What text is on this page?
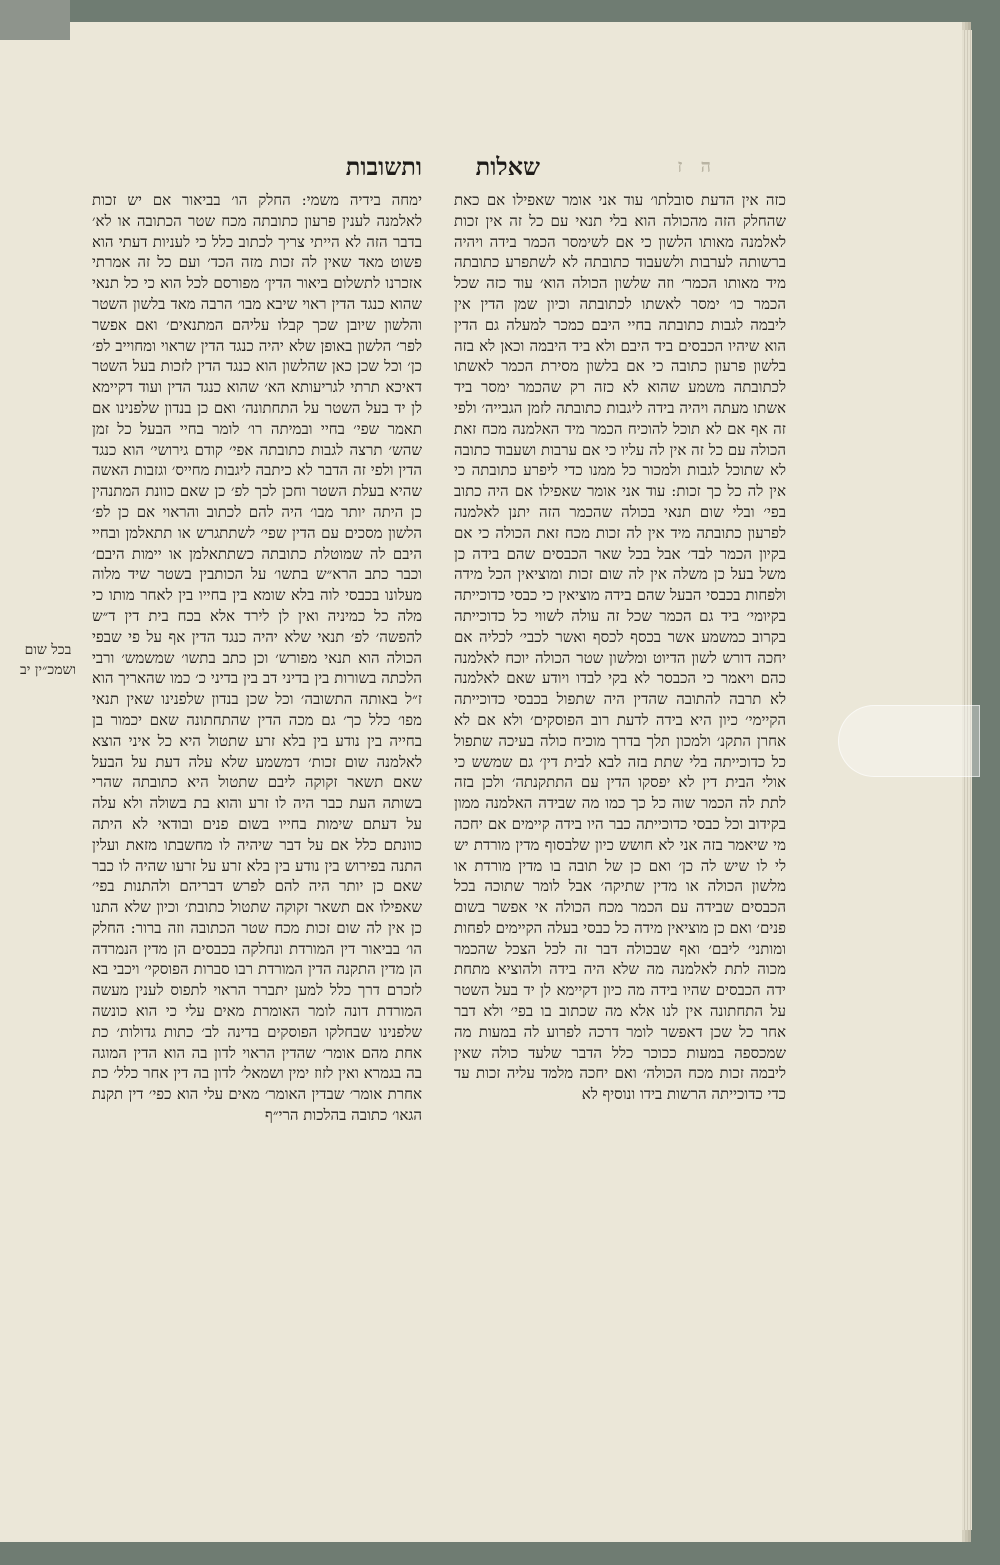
ה ז
שאלות
ותשובות

כזה אין הדעת סובלתו׳ עוד אני אומר שאפילו אם כאת שהחלק הזה מהכולה הוא בלי תנאי עם כל זה אין זכות לאלמנה מאותו הלשון כי אם לשימסר הכמר בידה ויהיה ברשותה לערבות ולשעבוד כתובתה לא לשתפרע כתובתה מיד מאותו הכמר׳ וזה שלשון הכולה הוא׳ עוד כזה שכל הכמר כו׳ ימסר לאשתו לכתובתה וכיון שמן הדין אין ליבמה לגבות כתובתה בחיי היבם כמכר למעלה גם הדין הוא שיהיו הכבסים ביד היבם ולא ביד היבמה וכאן לא בזה בלשון פרעון כתובה כי אם בלשון מסירת הכמר לאשתו לכתובתה משמע שהוא לא כזה רק שהכמר ימסר ביד אשתו מעתה ויהיה בידה ליגבות כתובתה לזמן הגבייה׳ ולפי זה אף אם לא תוכל להוכיח הכמר מיד האלמנה מכח זאת הכולה עם כל זה אין לה עליו כי אם ערבות ושעבוד כתובה לא שתוכל לגבות ולמכור כל ממנו כדי ליפרע כתובתה כי אין לה כל כך זכות: עוד אני אומר שאפילו אם היה כתוב בפי׳ ובלי שום תנאי בכולה שהכמר הזה יתנן לאלמנה לפרעון כתובתה מיד אין לה זכות מכח זאת הכולה כי אם בקיון הכמר לבד׳ אבל בכל שאר הכבסים שהם בידה כן משל בעל כן משלה אין לה שום זכות ומוציאין הכל מידה ולפחות בכבסי הבעל שהם בידה מוציאין כי כבסי כדוכייתה בקיומי׳ ביד גם הכמר שכל זה עולה לשווי כל כדוכייתה בקרוב כמשמע אשר בכסף לכסף ואשר לכבי׳ לכליה אם יחכה דורש לשון הדיוט ומלשון שטר הכולה יוכח לאלמנה כהם ויאמר כי הכבסר לא בקי לבדו ויודע שאם לאלמנה לא תרבה להתובה שהדין היה שתפול בכבסי כדוכייתה הקיימי׳ כיון היא בידה לדעת רוב הפוסקים׳ ולא אם לא אחרן התקנ׳ ולמכון תלך בדרך מוכיח כולה בעיכה שתפול כל כדוכייתה בלי שתת בזה לבא לבית דין׳ גם שמשש כי אולי הבית דין לא יפסקו הדין עם התתקנתה׳ ולכן בזה לתת לה הכמר שוה כל כך כמו מה שבידה האלמנה ממון בקידוב וכל כבסי כדוכייתה כבר היו בידה קיימים אם יחכה מי שיאמר בזה אני לא חושש כיון שלבסוף מדין מורדת יש לי לו שיש לה כן׳ ואם כן של תובה בו מדין מורדת או מלשון הכולה או מדין שתיקה׳ אבל לומר שתוכה בכל הכבסים שבידה עם הכמר מכח הכולה אי אפשר בשום פנים׳ ואם כן מוציאין מידה כל כבסי בעלה הקיימים לפחות ומותני׳ ליבם׳ ואף שבכולה דבר זה לכל הצכל שהכמר מכוה לתת לאלמנה מה שלא היה בידה ולהוציא מתחת ידה הכבסים שהיו בידה מה כיון דקיימא לן יד בעל השטר על התחתונה אין לנו אלא מה שכתוב בו בפי׳ ולא דבר אחר כל שכן דאפשר לומר דרכה לפרוע לה במעות מה שמכספה במעות ככוכר כלל הדבר שלעד כולה שאין ליבמה זכות מכח הכולה׳ ואם יחכה מלמד עליה זכות עד כדי כדוכייתה הרשות בידו ונוסיף לא

ימחה בידיה משמי: החלק הו׳ בביאור אם יש זכות לאלמנה לענין פרעון כתובתה מכח שטר הכתובה או לא׳ בדבר הזה לא הייתי צריך לכתוב כלל כי לעניות דעתי הוא פשוט מאד שאין לה זכות מזה הכד׳ ועם כל זה אמרתי אזכרנו לתשלום ביאור הדין׳ מפורסם לכל הוא כי כל תנאי שהוא כנגד הדין ראוי שיבא מבו׳ הרבה מאד בלשון השטר והלשון שיובן שכך קבלו עליהם המתנאים׳ ואם אפשר לפר׳ הלשון באופן שלא יהיה כנגד הדין שראוי ומחוייב לפ׳ כן׳ וכל שכן כאן שהלשון הוא כנגד הדין לזכות בעל השטר דאיכא תרתי לגריעותא הא׳ שהוא כנגד הדין ועוד דקיימא לן יד בעל השטר על התחתונה׳ ואם כן בנדון שלפנינו אם תאמר שפי׳ בחיי ובמיתה רו׳ לומר בחיי הבעל כל זמן שהש׳ תרצה לגבות כתובתה אפי׳ קודם גירושי׳ הוא כנגד הדין ולפי זה הדבר לא כיתבה ליגבות מחייס׳ וגזבות האשה שהיא בעלת השטר וחכן לכך לפ׳ כן שאם כוונת המתנהין כן היתה יותר מבו׳ היה להם לכתוב והראוי אם כן לפ׳ הלשון מסכים עם הדין שפי׳ לשתתגרש או תתאלמן ובחיי היבם לה שמוטלת כתובתה כשתתאלמן או יימות היבם׳ וכבר כתב הרא״ש בתשו׳ על הכותבין בשטר שיד מלוה מעלונו בכבסי לוה בלא שומא בין בחייו בין לאחר מותו כי מלה כל כמיניה ואין לן לירד אלא בכח בית דין ד״ש להפשה׳ לפ׳ תנאי שלא יהיה כנגד הדין אף על פי שבפי הכולה הוא תנאי מפורש׳ וכן כתב בתשו׳ שמשמש׳ ורבי הלכתה בשורות בין בדיני דב בין בדיני כ׳ כמו שהאריך הוא ז״ל באותה התשובה׳ וכל שכן בנדון שלפנינו שאין תנאי מפו׳ כלל כך׳ גם מכה הדין שהתחתונה שאם יכמור בן בחייה בין נודע בין בלא זרע שתטול היא כל איני הוצא לאלמנה שום זכות׳ דמשמע שלא עלה דעת על הבעל שאם תשאר זקוקה ליבם שתטול היא כתובתה שהרי בשותה העת כבר היה לו זרע והוא בת בשולה ולא עלה על דעתם שימות בחייו בשום פנים ובודאי לא היתה כוונתם כלל אם על דבר שיהיה לו מחשבתו מזאת ועלין התנה בפירוש בין נודע בין בלא זרע על זרעו שהיה לו כבר שאם כן יותר היה להם לפרש דבריהם ולהתנות בפי׳ שאפילו אם תשאר זקוקה שתטול כתובת׳ וכיון שלא התנו כן אין לה שום זכות מכח שטר הכתובה וזה ברור: החלק הו׳ בביאור דין המורדת ונחלקה בכבסים הן מדין הנמרדה הן מדין התקנה הדין המורדת רבו סברות הפוסקי׳ ויכבי בא לזכרם דרך כלל למען יתברר הראוי לתפוס לענין מעשה המורדת דונה לומר האומרת מאים עלי כי הוא כונשה שלפנינו שבחלקו הפוסקים בדינה לב׳ כתות גדולות׳ כת אחת מהם אומר׳ שהדין הראוי לדון בה הוא הדין המוגה בה בגמרא ואין לזוז ימין ושמאל׳ לדון בה דין אחר כלל׳ כת אחרת אומר׳ שבדין האומר׳ מאים עלי הוא כפי׳ דין תקנת הגאו׳ כתובה בהלכות הרי״ף

בכל שום
ושמכ״ין יב
